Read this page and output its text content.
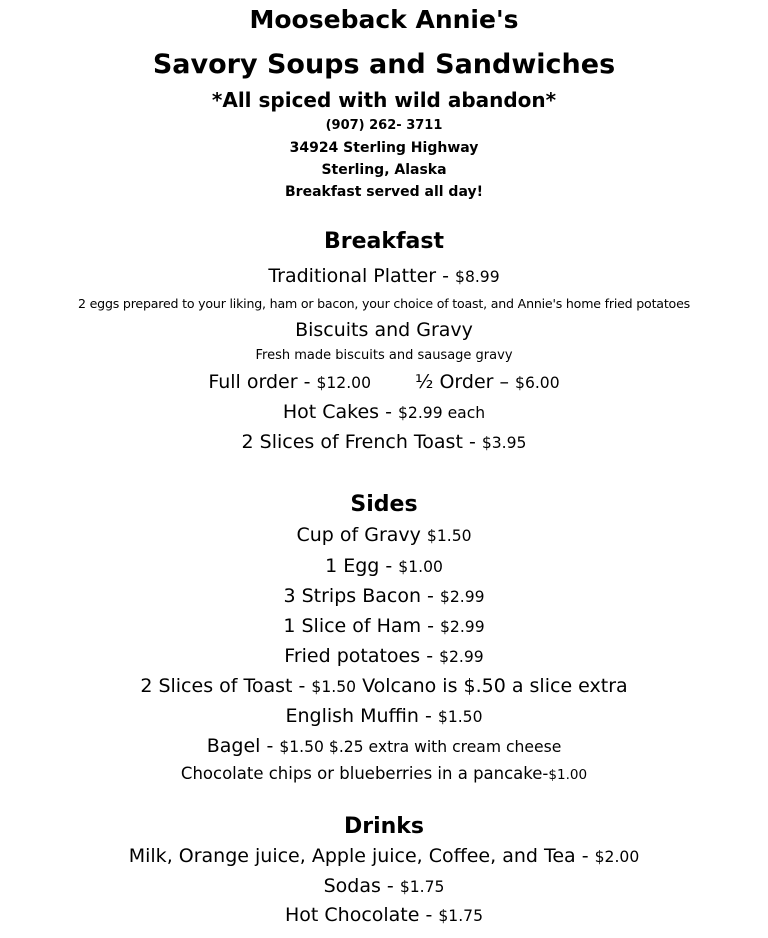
Mooseback Annie's
Savory Soups and Sandwiches
*All spiced with wild abandon*
(907) 262- 3711
34924 Sterling Highway
Sterling, Alaska
Breakfast served all day!
Breakfast
Traditional Platter - $8.99
2 eggs prepared to your liking, ham or bacon, your choice of toast, and Annie's home fried potatoes
Biscuits and Gravy
Fresh made biscuits and sausage gravy
Full order - $12.00 ½ Order – $6.00
Hot Cakes - $2.99 each
2 Slices of French Toast - $3.95
Sides
Cup of Gravy $1.50
1 Egg - $1.00
3 Strips Bacon - $2.99
1 Slice of Ham - $2.99
Fried potatoes - $2.99
2 Slices of Toast - $1.50 Volcano is $.50 a slice extra
English Muffin - $1.50
Bagel - $1.50 $.25 extra with cream cheese
Chocolate chips or blueberries in a pancake-$1.00
Drinks
Milk, Orange juice, Apple juice, Coffee, and Tea - $2.00
Sodas - $1.75
Hot Chocolate - $1.75
